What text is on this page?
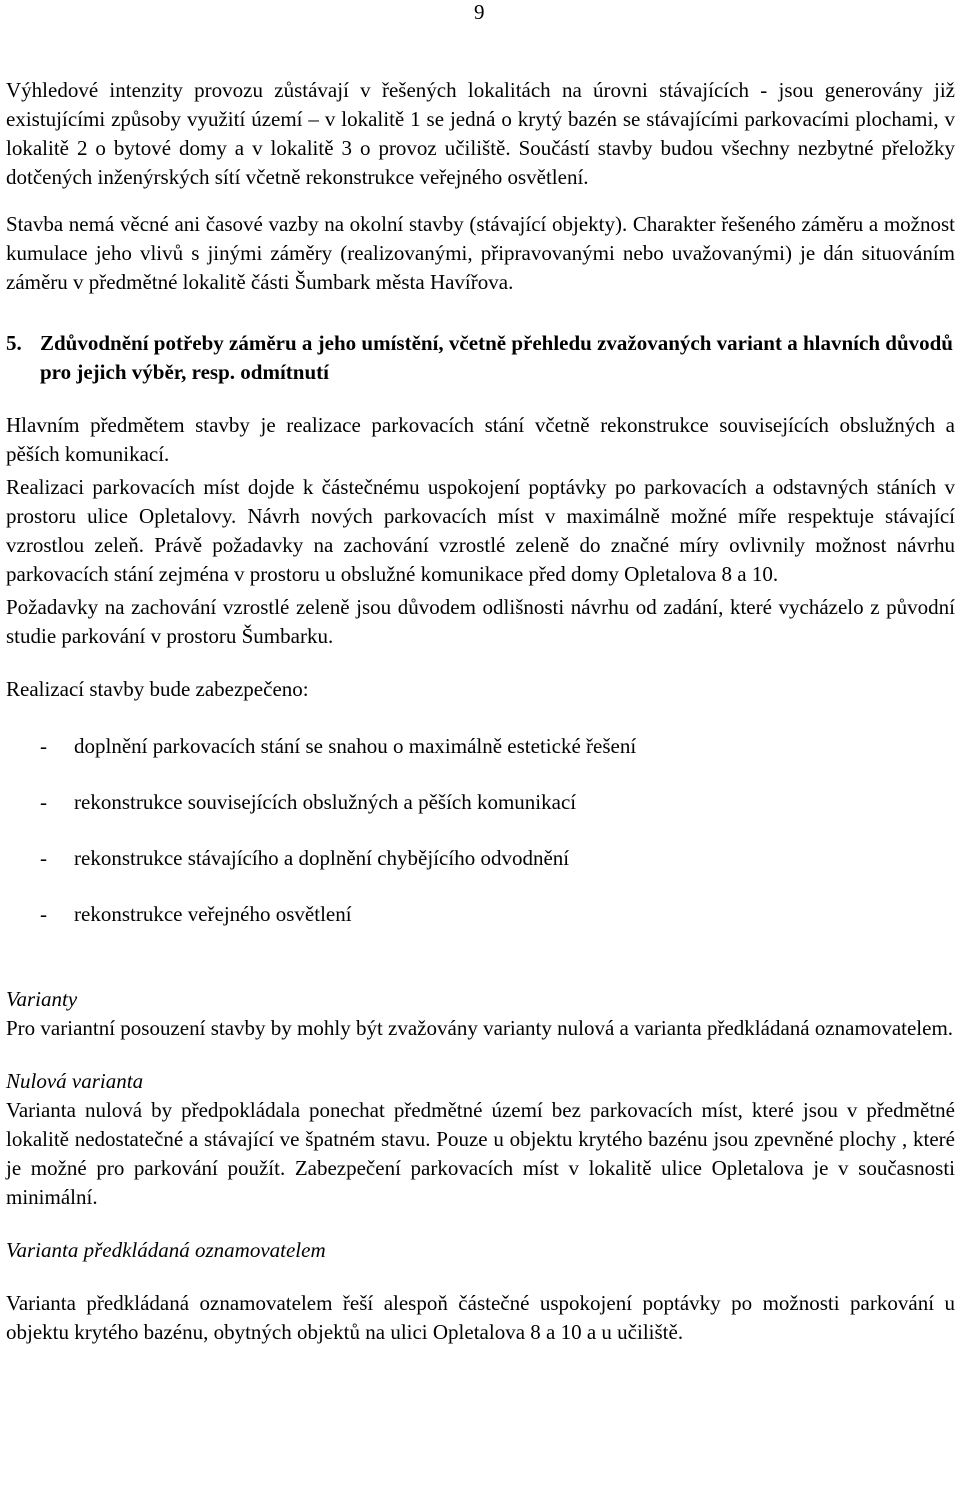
9

Výhledové intenzity provozu zůstávají v řešených lokalitách na úrovni stávajících - jsou generovány již existujícími způsoby využití území – v lokalitě 1 se jedná o krytý bazén se stávajícími parkovacími plochami, v lokalitě 2 o bytové domy a v lokalitě 3 o provoz učiliště. Součástí stavby budou všechny nezbytné přeložky dotčených inženýrských sítí včetně rekonstrukce veřejného osvětlení.

Stavba nemá věcné ani časové vazby na okolní stavby (stávající objekty). Charakter řešeného záměru a možnost kumulace jeho vlivů s jinými záměry (realizovanými, připravovanými nebo uvažovanými) je dán situováním záměru v předmětné lokalitě části Šumbark města Havířova.

5. Zdůvodnění potřeby záměru a jeho umístění, včetně přehledu zvažovaných variant a hlavních důvodů pro jejich výběr, resp. odmítnutí

Hlavním předmětem stavby je realizace parkovacích stání včetně rekonstrukce souvisejících obslužných a pěších komunikací.

Realizaci parkovacích míst dojde k částečnému uspokojení poptávky po parkovacích a odstavných stáních v prostoru ulice Opletalovy. Návrh nových parkovacích míst v maximálně možné míře respektuje stávající vzrostlou zeleň. Právě požadavky na zachování vzrostlé zeleně do značné míry ovlivnily možnost návrhu parkovacích stání zejména v prostoru u obslužné komunikace před domy Opletalova 8 a 10.

Požadavky na zachování vzrostlé zeleně jsou důvodem odlišnosti návrhu od zadání, které vycházelo z původní studie parkování v prostoru Šumbarku.

Realizací stavby bude zabezpečeno:

-	doplnění parkovacích stání se snahou o maximálně estetické řešení
-	rekonstrukce souvisejících obslužných a pěších komunikací
-	rekonstrukce stávajícího a doplnění chybějícího odvodnění
-	rekonstrukce veřejného osvětlení

Varianty

Pro variantní posouzení stavby by mohly být zvažovány varianty nulová a varianta předkládaná oznamovatelem.

Nulová varianta

Varianta nulová by předpokládala ponechat předmětné území bez parkovacích míst, které jsou v předmětné lokalitě nedostatečné a stávající ve špatném stavu. Pouze u objektu krytého bazénu jsou zpevněné plochy , které je možné pro parkování použít. Zabezpečení parkovacích míst v lokalitě ulice Opletalova je v současnosti minimální.

Varianta předkládaná oznamovatelem

Varianta předkládaná oznamovatelem řeší alespoň částečné uspokojení poptávky po možnosti parkování u objektu krytého bazénu, obytných objektů na ulici Opletalova 8 a 10 a u učiliště.
